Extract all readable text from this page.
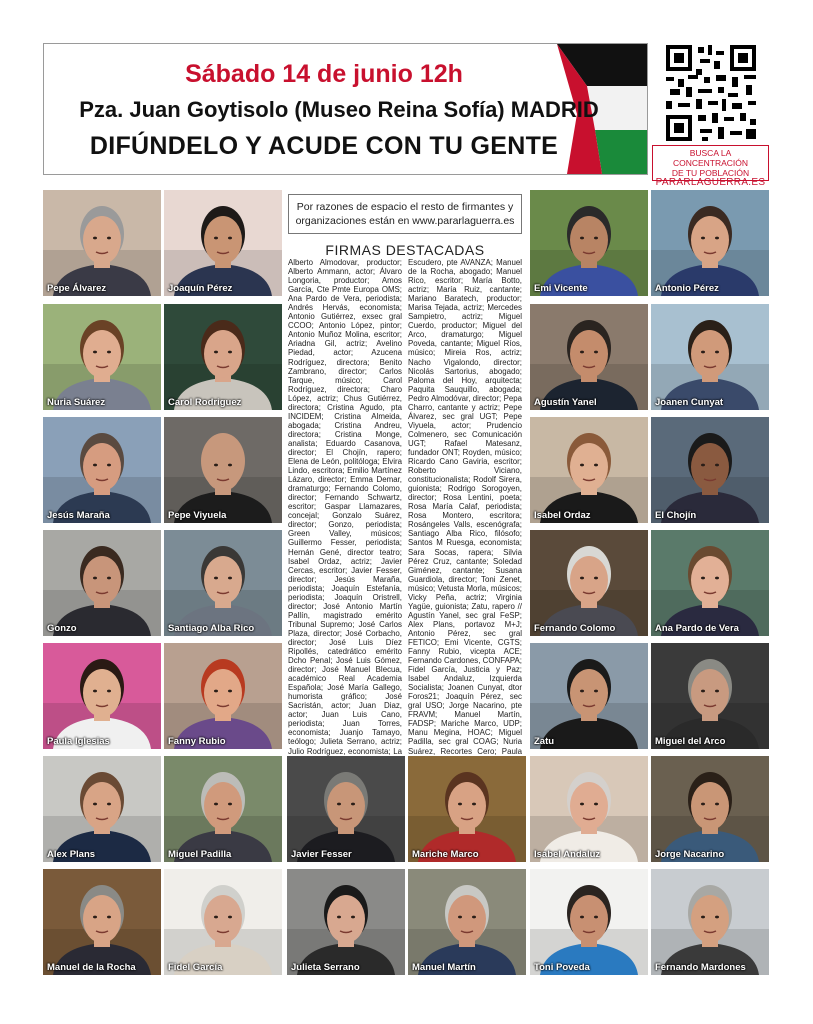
Sábado 14 de junio 12h
Pza. Juan Goytisolo (Museo Reina Sofía) MADRID
DIFÚNDELO Y ACUDE CON TU GENTE	BUSCA LA CONCENTRACIÓN
DE TU POBLACIÓN
PARARLAGUERRA.ES
Por razones de espacio el resto de firmantes y
organizaciones están en www.pararlaguerra.es
FIRMAS DESTACADAS
Alberto Almodovar, productor; Alberto Ammann, actor; Álvaro Longoria, productor; Amos García, Cte Pmte Europa OMS; Ana Pardo de Vera, periodista; Andrés Hervás, economista; Antonio Gutiérrez, exsec gral CCOO; Antonio López, pintor; Antonio Muñoz Molina, escritor; Ariadna Gil, actriz; Avelino Piedad, actor; Azucena Rodríguez, directora; Benito Zambrano, director; Carlos Tarque, músico; Carol Rodríguez, directora; Charo López, actriz; Chus Gutiérrez, directora; Cristina Agudo, pta INCIDEM; Cristina Almeida, abogada; Cristina Andreu, directora; Cristina Monge, analista; Eduardo Casanova, director; El Chojín, rapero; Elena de León, politóloga; Elvira Lindo, escritora; Emilio Martínez Lázaro, director; Emma Demar, dramaturgo; Fernando Colomo, director; Fernando Schwartz, escritor; Gaspar Llamazares, concejal; Gonzalo Suárez, director; Gonzo, periodista; Green Valley, músicos; Guillermo Fesser, periodista; Hernán Gené, director teatro; Isabel Ordaz, actriz; Javier Cercas, escritor; Javier Fesser, director; Jesús Maraña, periodista; Joaquín Estefanía, periodista; Joaquín Oristrell, director; José Antonio Martín Pallín, magistrado emérito Tribunal Supremo; José Carlos Plaza, director; José Corbacho, director; José Luis Díez Ripollés, catedrático emérito Dcho Penal; José Luis Gómez, director; José Manuel Blecua, académico Real Academia Española; José María Gallego, humorista gráfico; José Sacristán, actor; Juan Diaz, actor; Juan Luis Cano, periodista; Juan Torres, economista; Juanjo Tamayo, teólogo; Julieta Serrano, actriz; Julio Rodríguez, economista; La
Escudero, pte AVANZA; Manuel de la Rocha, abogado; Manuel Rico, escritor; María Botto, actriz; María Ruiz, cantante; Mariano Baratech, productor; Marisa Tejada, actriz; Mercedes Sampietro, actriz; Miguel Cuerdo, productor; Miguel del Arco, dramaturgo; Miguel Poveda, cantante; Miguel Ríos, músico; Mireia Ros, actriz; Nacho Vigalondo, director; Nicolás Sartorius, abogado; Paloma del Hoy, arquitecta; Paquita Sauquillo, abogada; Pedro Almodóvar, director; Pepa Charro, cantante y actriz; Pepe Álvarez, sec gral UGT; Pepe Viyuela, actor; Prudencio Colmenero, sec Comunicación UGT; Rafael Matesanz, fundador ONT; Royden, músico; Ricardo Cano Gaviria, escritor; Roberto Viciano, constitucionalista; Rodolf Sirera, guionista; Rodrigo Sorogoyen, director; Rosa Lentini, poeta; Rosa María Calaf, periodista; Rosa Montero, escritora; Rosángeles Valls, escenógrafa; Santiago Alba Rico, filósofo; Santos M Ruesga, economista; Sara Socas, rapera; Silvia Pérez Cruz, cantante; Soledad Giménez, cantante; Susana Guardiola, director; Toni Zenet, músico; Vetusta Morla, músicos; Vicky Peña, actriz; Virginia Yagüe, guionista; Zatu, rapero // Agustín Yanel, sec gral FeSP; Alex Plans, portavoz M+J; Antonio Pérez, sec gral FETICO; Emi Vicente, CGTS; Fanny Rubio, vicepta ACE; Fernando Cardones, CONFAPA; Fidel García, Justicia y Paz; Isabel Andaluz, Izquierda Socialista; Joanen Cunyat, dtor Foros21; Joaquín Pérez, sec gral USO; Jorge Nacarino, pte FRAVM; Manuel Martín, FADSP; Mariche Marco, UDP; Manu Megina, HOAC; Miguel Padilla, sec gral COAG; Nuria Suárez, Recortes Cero; Paula
Pepe Álvarez	Joaquín Pérez
Nuria Suárez	Carol Rodriguez
Jesús Maraña	Pepe Viyuela
Gonzo	Santiago Alba Rico
Paula Iglesias	Fanny Rubio
Emi Vicente	Antonio Pérez
Agustín Yanel	Joanen Cunyat
Isabel Ordaz	El Chojín
Fernando Colomo	Ana Pardo de Vera
Zatu	Miguel del Arco
Alex Plans	Miguel Padilla	Javier Fesser	Mariche Marco	Isabel Andaluz	Jorge Nacarino
Manuel de la Rocha	Fidel García	Julieta Serrano	Manuel Martín	Toni Poveda	Fernando Mardones
